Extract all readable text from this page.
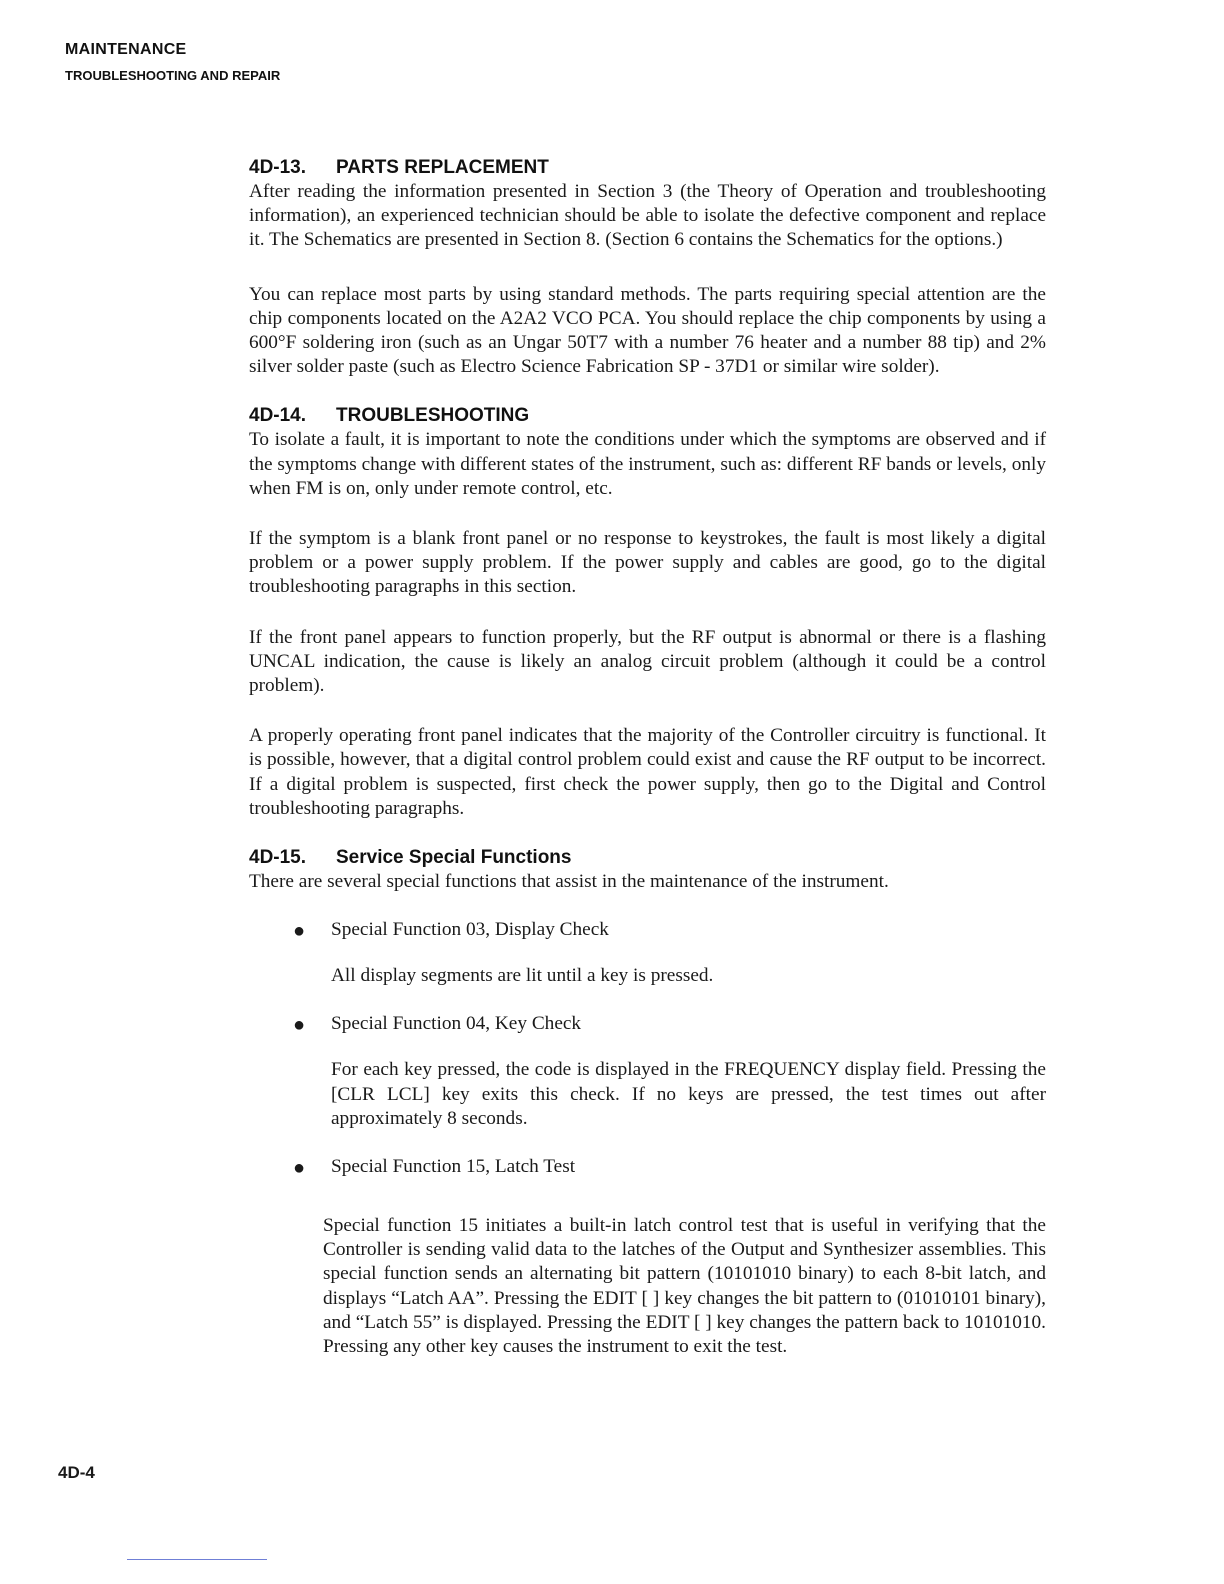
MAINTENANCE
TROUBLESHOOTING AND REPAIR
4D-13. PARTS REPLACEMENT

After reading the information presented in Section 3 (the Theory of Operation and troubleshooting information), an experienced technician should be able to isolate the defective component and replace it. The Schematics are presented in Section 8. (Section 6 contains the Schematics for the options.)

You can replace most parts by using standard methods. The parts requiring special attention are the chip components located on the A2A2 VCO PCA. You should replace the chip components by using a 600°F soldering iron (such as an Ungar 50T7 with a number 76 heater and a number 88 tip) and 2% silver solder paste (such as Electro Science Fabrication SP - 37D1 or similar wire solder).

4D-14. TROUBLESHOOTING

To isolate a fault, it is important to note the conditions under which the symptoms are observed and if the symptoms change with different states of the instrument, such as: different RF bands or levels, only when FM is on, only under remote control, etc.

If the symptom is a blank front panel or no response to keystrokes, the fault is most likely a digital problem or a power supply problem. If the power supply and cables are good, go to the digital troubleshooting paragraphs in this section.

If the front panel appears to function properly, but the RF output is abnormal or there is a flashing UNCAL indication, the cause is likely an analog circuit problem (although it could be a control problem).

A properly operating front panel indicates that the majority of the Controller circuitry is functional. It is possible, however, that a digital control problem could exist and cause the RF output to be incorrect. If a digital problem is suspected, first check the power supply, then go to the Digital and Control troubleshooting paragraphs.

4D-15. Service Special Functions

There are several special functions that assist in the maintenance of the instrument.

● Special Function 03, Display Check
All display segments are lit until a key is pressed.
● Special Function 04, Key Check
For each key pressed, the code is displayed in the FREQUENCY display field. Pressing the [CLR LCL] key exits this check. If no keys are pressed, the test times out after approximately 8 seconds.
● Special Function 15, Latch Test
Special function 15 initiates a built-in latch control test that is useful in verifying that the Controller is sending valid data to the latches of the Output and Synthesizer assemblies. This special function sends an alternating bit pattern (10101010 binary) to each 8-bit latch, and displays “Latch AA”. Pressing the EDIT [ ] key changes the bit pattern to (01010101 binary), and “Latch 55” is displayed. Pressing the EDIT [ ] key changes the pattern back to 10101010. Pressing any other key causes the instrument to exit the test.
4D-4
